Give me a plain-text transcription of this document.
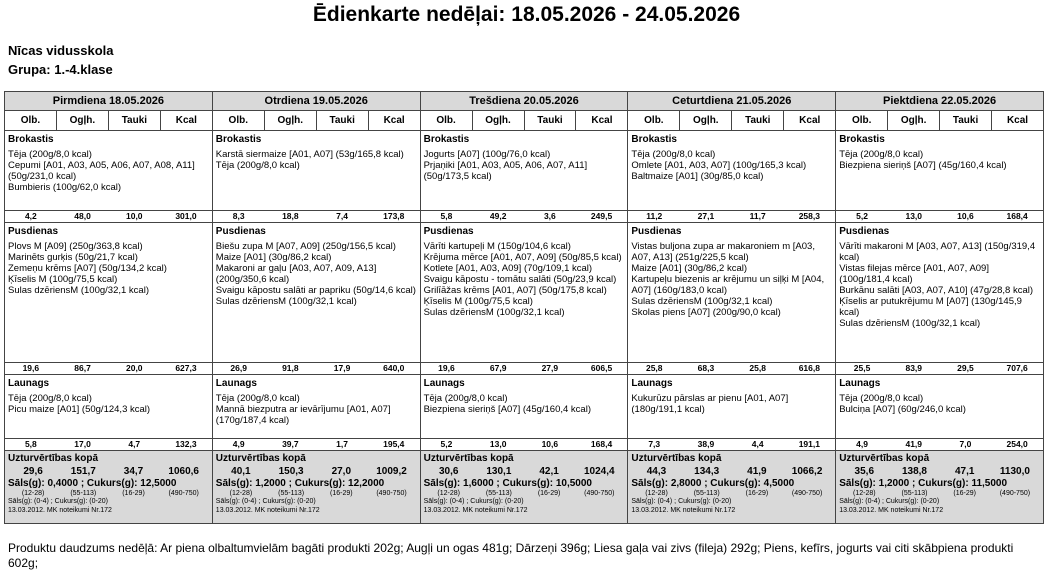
Ēdienkarte nedēļai: 18.05.2026 - 24.05.2026
Nīcas vidusskola
Grupa: 1.-4.klase
Pirmdiena 18.05.2026
Olb.	Ogļh.	Tauki	Kcal
Brokastis
Tēja (200g/8,0 kcal)
Cepumi [A01, A03, A05, A06, A07, A08, A11] (50g/231,0 kcal)
Bumbieris (100g/62,0 kcal)
4,2	48,0	10,0	301,0
Pusdienas
Plovs M [A09] (250g/363,8 kcal)
Marinēts gurķis (50g/21,7 kcal)
Zemeņu krēms [A07] (50g/134,2 kcal)
Ķīselis M (100g/75,5 kcal)
Sulas dzēriensM (100g/32,1 kcal)
19,6	86,7	20,0	627,3
Launags
Tēja (200g/8,0 kcal)
Picu maize [A01] (50g/124,3 kcal)
5,8	17,0	4,7	132,3
Uzturvērtības kopā
29,6	151,7	34,7	1060,6
Sāls(g): 0,4000 ; Cukurs(g): 12,5000
(12-28)	(55-113)	(16-29)	(490-750)
Sāls(g): (0-4) ; Cukurs(g): (0-20)
13.03.2012. MK noteikumi Nr.172
Otrdiena 19.05.2026
Olb.	Ogļh.	Tauki	Kcal
Brokastis
Karstā siermaize [A01, A07] (53g/165,8 kcal)
Tēja (200g/8,0 kcal)
8,3	18,8	7,4	173,8
Pusdienas
Biešu zupa M [A07, A09] (250g/156,5 kcal)
Maize [A01] (30g/86,2 kcal)
Makaroni ar gaļu [A03, A07, A09, A13] (200g/350,6 kcal)
Svaigu kāpostu salāti ar papriku (50g/14,6 kcal)
Sulas dzēriensM (100g/32,1 kcal)
26,9	91,8	17,9	640,0
Launags
Tēja (200g/8,0 kcal)
Mannā biezputra ar ievārījumu [A01, A07] (170g/187,4 kcal)
4,9	39,7	1,7	195,4
Uzturvērtības kopā
40,1	150,3	27,0	1009,2
Sāls(g): 1,2000 ; Cukurs(g): 12,2000
(12-28)	(55-113)	(16-29)	(490-750)
Sāls(g): (0-4) ; Cukurs(g): (0-20)
13.03.2012. MK noteikumi Nr.172
Trešdiena 20.05.2026
Olb.	Ogļh.	Tauki	Kcal
Brokastis
Jogurts [A07] (100g/76,0 kcal)
Prjaņiki [A01, A03, A05, A06, A07, A11] (50g/173,5 kcal)
5,8	49,2	3,6	249,5
Pusdienas
Vārīti kartupeļi M (150g/104,6 kcal)
Krējuma mērce [A01, A07, A09] (50g/85,5 kcal)
Kotlete [A01, A03, A09] (70g/109,1 kcal)
Svaigu kāpostu - tomātu salāti (50g/23,9 kcal)
Grilīāžas krēms [A01, A07] (50g/175,8 kcal)
Ķīselis M (100g/75,5 kcal)
Sulas dzēriensM (100g/32,1 kcal)
19,6	67,9	27,9	606,5
Launags
Tēja (200g/8,0 kcal)
Biezpiena sieriņš [A07] (45g/160,4 kcal)
5,2	13,0	10,6	168,4
Uzturvērtības kopā
30,6	130,1	42,1	1024,4
Sāls(g): 1,6000 ; Cukurs(g): 10,5000
(12-28)	(55-113)	(16-29)	(490-750)
Sāls(g): (0-4) ; Cukurs(g): (0-20)
13.03.2012. MK noteikumi Nr.172
Ceturtdiena 21.05.2026
Olb.	Ogļh.	Tauki	Kcal
Brokastis
Tēja (200g/8,0 kcal)
Omlete [A01, A03, A07] (100g/165,3 kcal)
Baltmaize [A01] (30g/85,0 kcal)
11,2	27,1	11,7	258,3
Pusdienas
Vistas buljona zupa ar makaroniem m [A03, A07, A13] (251g/225,5 kcal)
Maize [A01] (30g/86,2 kcal)
Kartupeļu biezenis ar krējumu un siļķi M [A04, A07] (160g/183,0 kcal)
Sulas dzēriensM (100g/32,1 kcal)
Skolas piens [A07] (200g/90,0 kcal)
25,8	68,3	25,8	616,8
Launags
Kukurūzu pārslas ar pienu [A01, A07] (180g/191,1 kcal)
7,3	38,9	4,4	191,1
Uzturvērtības kopā
44,3	134,3	41,9	1066,2
Sāls(g): 2,8000 ; Cukurs(g): 4,5000
(12-28)	(55-113)	(16-29)	(490-750)
Sāls(g): (0-4) ; Cukurs(g): (0-20)
13.03.2012. MK noteikumi Nr.172
Piektdiena 22.05.2026
Olb.	Ogļh.	Tauki	Kcal
Brokastis
Tēja (200g/8,0 kcal)
Biezpiena sieriņš [A07] (45g/160,4 kcal)
5,2	13,0	10,6	168,4
Pusdienas
Vārīti makaroni M [A03, A07, A13] (150g/319,4 kcal)
Vistas filejas mērce [A01, A07, A09] (100g/181,4 kcal)
Burkānu salāti [A03, A07, A10] (47g/28,8 kcal)
Ķīselis ar putukrējumu M [A07] (130g/145,9 kcal)
Sulas dzēriensM (100g/32,1 kcal)
25,5	83,9	29,5	707,6
Launags
Tēja (200g/8,0 kcal)
Bulciņa [A07] (60g/246,0 kcal)
4,9	41,9	7,0	254,0
Uzturvērtības kopā
35,6	138,8	47,1	1130,0
Sāls(g): 1,2000 ; Cukurs(g): 11,5000
(12-28)	(55-113)	(16-29)	(490-750)
Sāls(g): (0-4) ; Cukurs(g): (0-20)
13.03.2012. MK noteikumi Nr.172
Produktu daudzums nedēļā: Ar piena olbaltumvielām bagāti produkti 202g; Augļi un ogas 481g; Dārzeņi 396g; Liesa gaļa vai zivs (fileja) 292g; Piens, kefīrs, jogurts vai citi skābpiena produkti 602g;
